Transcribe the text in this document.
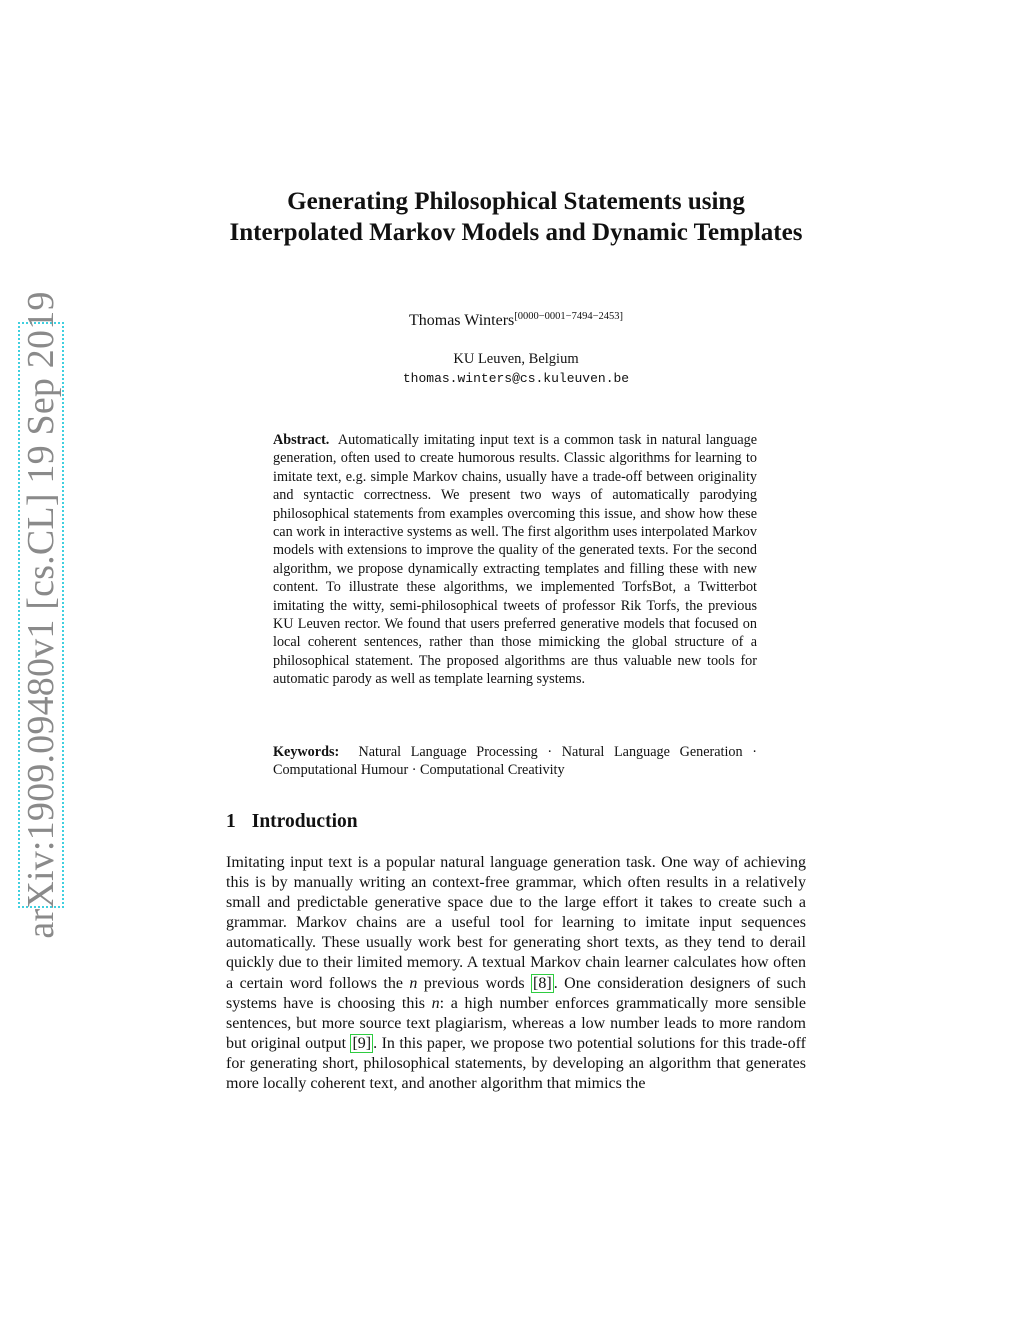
arXiv:1909.09480v1 [cs.CL] 19 Sep 2019
Generating Philosophical Statements using Interpolated Markov Models and Dynamic Templates
Thomas Winters[0000−0001−7494−2453]
KU Leuven, Belgium
thomas.winters@cs.kuleuven.be

Abstract. Automatically imitating input text is a common task in natural language generation, often used to create humorous results. Classic algorithms for learning to imitate text, e.g. simple Markov chains, usually have a trade-off between originality and syntactic correctness. We present two ways of automatically parodying philosophical statements from examples overcoming this issue, and show how these can work in interactive systems as well. The first algorithm uses interpolated Markov models with extensions to improve the quality of the generated texts. For the second algorithm, we propose dynamically extracting templates and filling these with new content. To illustrate these algorithms, we implemented TorfsBot, a Twitterbot imitating the witty, semi-philosophical tweets of professor Rik Torfs, the previous KU Leuven rector. We found that users preferred generative models that focused on local coherent sentences, rather than those mimicking the global structure of a philosophical statement. The proposed algorithms are thus valuable new tools for automatic parody as well as template learning systems.

Keywords: Natural Language Processing · Natural Language Generation · Computational Humour · Computational Creativity

1 Introduction

Imitating input text is a popular natural language generation task. One way of achieving this is by manually writing an context-free grammar, which often results in a relatively small and predictable generative space due to the large effort it takes to create such a grammar. Markov chains are a useful tool for learning to imitate input sequences automatically. These usually work best for generating short texts, as they tend to derail quickly due to their limited memory. A textual Markov chain learner calculates how often a certain word follows the n previous words [8] . One consideration designers of such systems have is choosing this n: a high number enforces grammatically more sensible sentences, but more source text plagiarism, whereas a low number leads to more random but original output [9] . In this paper, we propose two potential solutions for this trade-off for generating short, philosophical statements, by developing an algorithm that generates more locally coherent text, and another algorithm that mimics the
